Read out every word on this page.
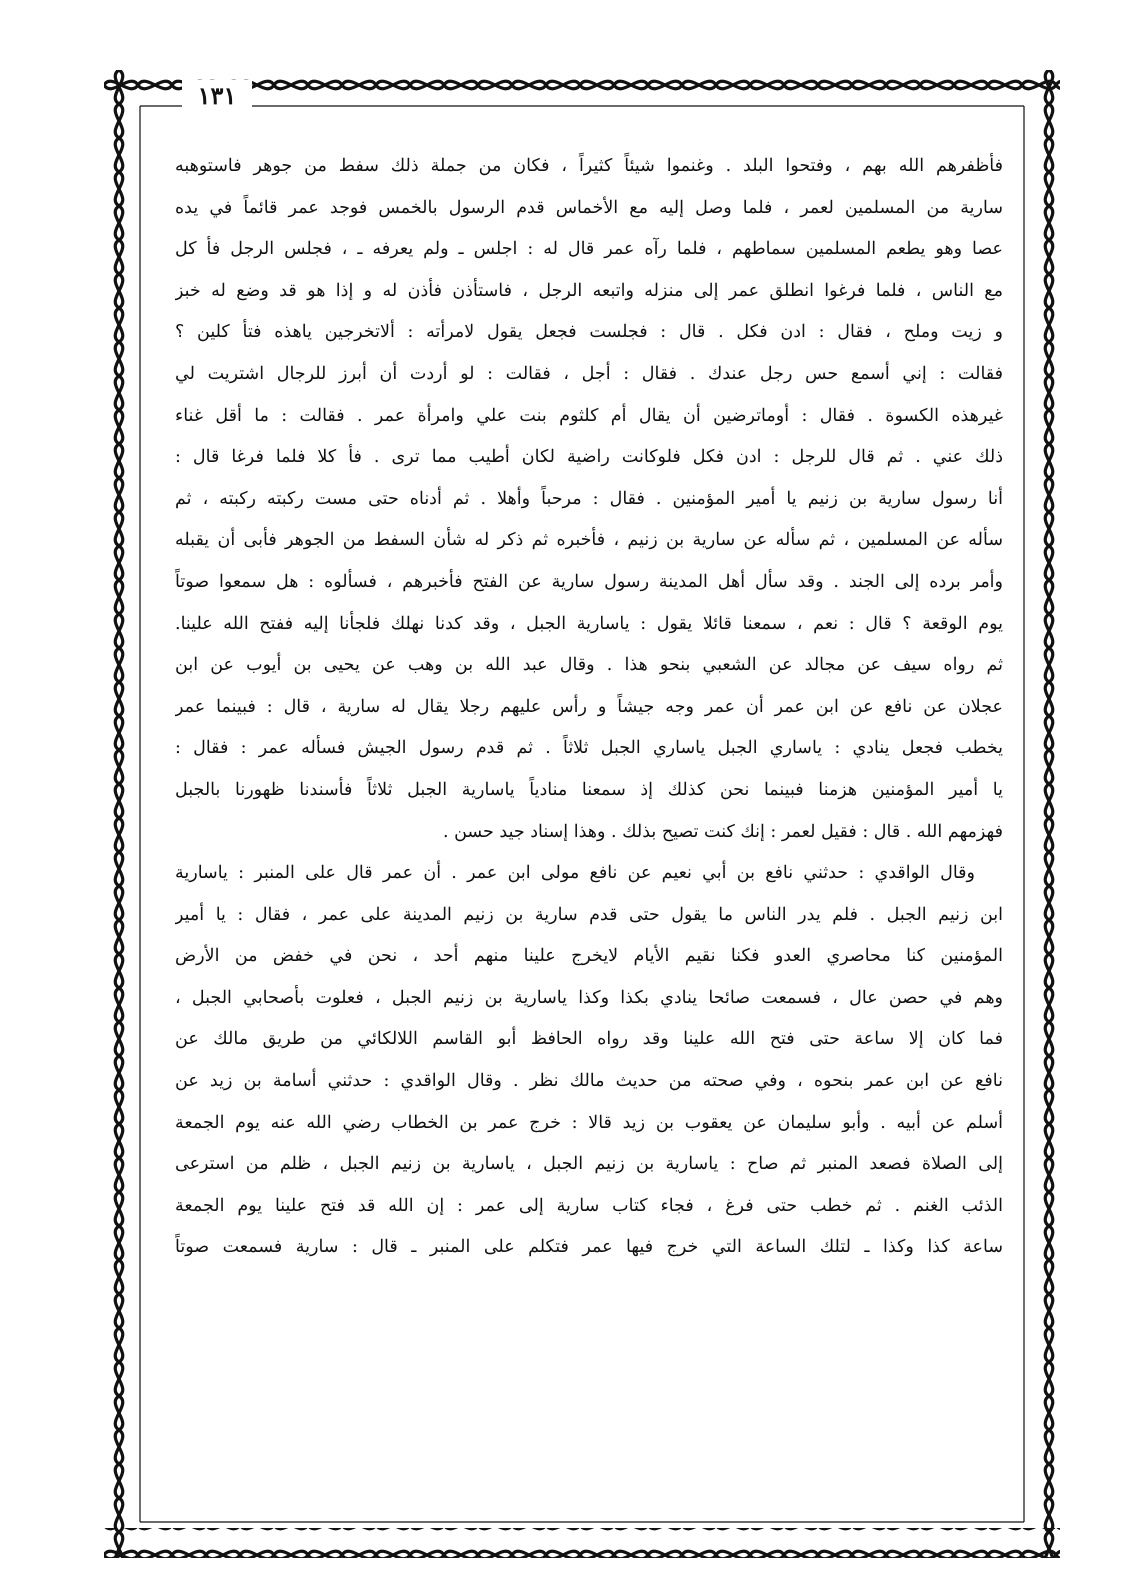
١٣١
فأظفرهم الله بهم ، وفتحوا البلد . وغنموا شيئاً كثيراً ، فكان من جملة ذلك سفط من جوهر فاستوهبه
سارية من المسلمين لعمر ، فلما وصل إليه مع الأخماس قدم الرسول بالخمس فوجد عمر قائماً في يده
عصا وهو يطعم المسلمين سماطهم ، فلما رآه عمر قال له : اجلس ـ ولم يعرفه ـ ، فجلس الرجل فأ كل
مع الناس ، فلما فرغوا انطلق عمر إلى منزله واتبعه الرجل ، فاستأذن فأذن له و إذا هو قد وضع له خبز
و زيت وملح ، فقال : ادن فكل . قال : فجلست فجعل يقول لامرأته : ألاتخرجين ياهذه فتأ كلين ؟
فقالت : إني أسمع حس رجل عندك . فقال : أجل ، فقالت : لو أردت أن أبرز للرجال اشتريت لي
غيرهذه الكسوة . فقال : أوماترضين أن يقال أم كلثوم بنت علي وامرأة عمر . فقالت : ما أقل غناء
ذلك عني . ثم قال للرجل : ادن فكل فلوكانت راضية لكان أطيب مما ترى . فأ كلا فلما فرغا قال :
أنا رسول سارية بن زنيم يا أمير المؤمنين . فقال : مرحباً وأهلا . ثم أدناه حتى مست ركبته ركبته ، ثم
سأله عن المسلمين ، ثم سأله عن سارية بن زنيم ، فأخبره ثم ذكر له شأن السفط من الجوهر فأبى أن يقبله
وأمر برده إلى الجند . وقد سأل أهل المدينة رسول سارية عن الفتح فأخبرهم ، فسألوه : هل سمعوا صوتاً
يوم الوقعة ؟ قال : نعم ، سمعنا قائلا يقول : ياسارية الجبل ، وقد كدنا نهلك فلجأنا إليه ففتح الله علينا.
ثم رواه سيف عن مجالد عن الشعبي بنحو هذا . وقال عبد الله بن وهب عن يحيى بن أيوب عن ابن
عجلان عن نافع عن ابن عمر أن عمر وجه جيشاً و رأس عليهم رجلا يقال له سارية ، قال : فبينما عمر
يخطب فجعل ينادي : ياساري الجبل ياساري الجبل ثلاثاً . ثم قدم رسول الجيش فسأله عمر : فقال :
يا أمير المؤمنين هزمنا فبينما نحن كذلك إذ سمعنا منادياً ياسارية الجبل ثلاثاً فأسندنا ظهورنا بالجبل
فهزمهم الله . قال : فقيل لعمر : إنك كنت تصيح بذلك . وهذا إسناد جيد حسن .
وقال الواقدي : حدثني نافع بن أبي نعيم عن نافع مولى ابن عمر . أن عمر قال على المنبر : ياسارية
ابن زنيم الجبل . فلم يدر الناس ما يقول حتى قدم سارية بن زنيم المدينة على عمر ، فقال : يا أمير
المؤمنين كنا محاصري العدو فكنا نقيم الأيام لايخرج علينا منهم أحد ، نحن في خفض من الأرض
وهم في حصن عال ، فسمعت صائحا ينادي بكذا وكذا ياسارية بن زنيم الجبل ، فعلوت بأصحابي الجبل ،
فما كان إلا ساعة حتى فتح الله علينا وقد رواه الحافظ أبو القاسم اللالكائي من طريق مالك عن
نافع عن ابن عمر بنحوه ، وفي صحته من حديث مالك نظر . وقال الواقدي : حدثني أسامة بن زيد عن
أسلم عن أبيه . وأبو سليمان عن يعقوب بن زيد قالا : خرج عمر بن الخطاب رضي الله عنه يوم الجمعة
إلى الصلاة فصعد المنبر ثم صاح : ياسارية بن زنيم الجبل ، ياسارية بن زنيم الجبل ، ظلم من استرعى
الذئب الغنم . ثم خطب حتى فرغ ، فجاء كتاب سارية إلى عمر : إن الله قد فتح علينا يوم الجمعة
ساعة كذا وكذا ـ لتلك الساعة التي خرج فيها عمر فتكلم على المنبر ـ قال : سارية فسمعت صوتاً
